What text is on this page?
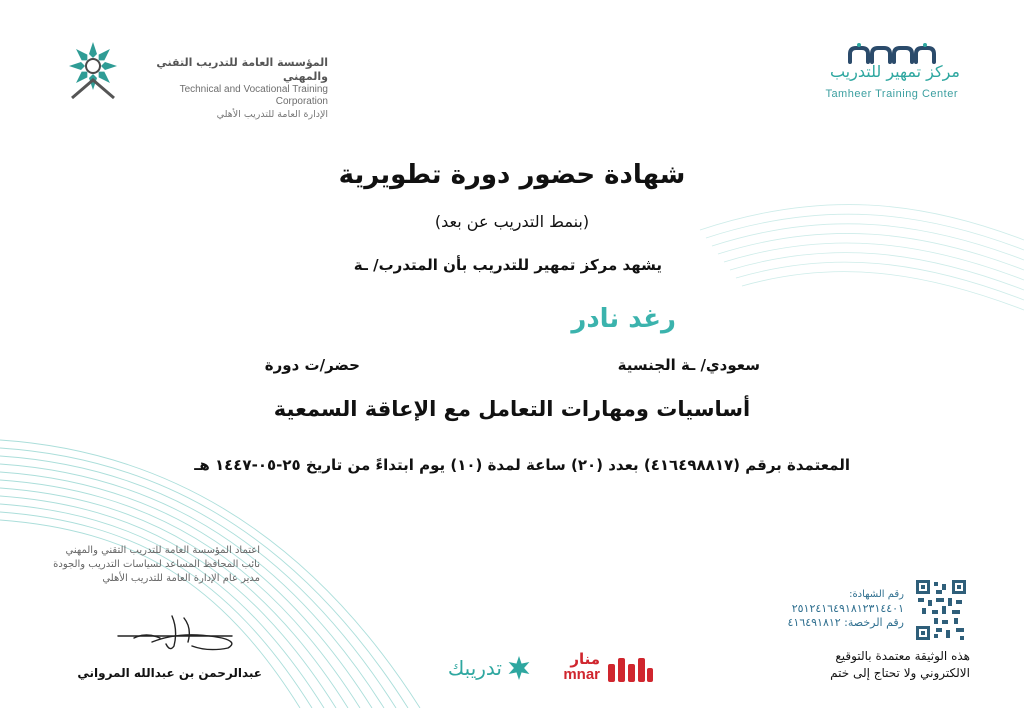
المؤسسة العامة للتدريب التقني والمهني
Technical and Vocational Training Corporation
الإدارة العامة للتدريب الأهلي
مركز تمهير للتدريب
Tamheer Training Center
شهادة حضور دورة تطويرية
(بنمط التدريب عن بعد)
يشهد مركز تمهير للتدريب بأن المتدرب/ ـة
رغد نادر
سعودي/ ـة الجنسية
حضر/ت دورة
أساسيات ومهارات التعامل مع الإعاقة السمعية
المعتمدة برقم (٤١٦٤٩٨٨١٧) بعدد (٢٠) ساعة لمدة (١٠) يوم ابتداءً من تاريخ ٢٥-٠٥-١٤٤٧ هـ
اعتماد المؤسسة العامة للتدريب التقني والمهني
نائب المحافظ المساعد لسياسات التدريب والجودة
مدير عام الإدارة العامة للتدريب الأهلي
عبدالرحمن بن عبدالله المرواني	تدريبك	منار
mnar
رقم الشهادة:
٢٥١٢٤١٦٤٩١٨١٢٣١٤٤٠١
رقم الرخصة: ٤١٦٤٩١٨١٢
هذه الوثيقة معتمدة بالتوقيع
الالكتروني ولا تحتاج إلى ختم
